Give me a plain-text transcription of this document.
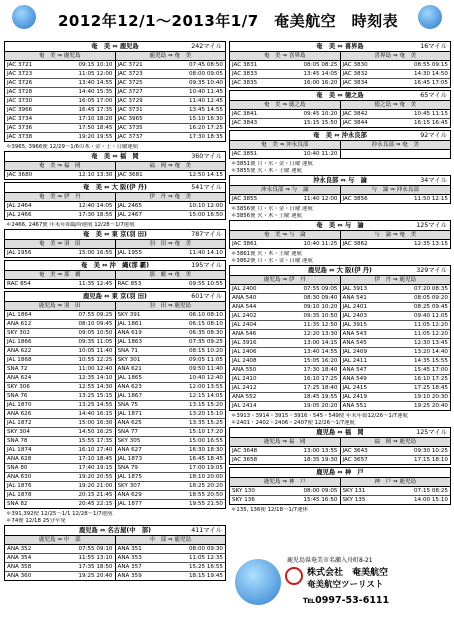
2012年12/1～2013年1/7　奄美航空　時刻表
奄　美 ⇔ 鹿児島	242マイル
奄　美 ⇒ 鹿児島	鹿児島 ⇒ 奄　美
JAC 3721	09:15 10:10 JAC 3721	07:45 08:50
JAC 3723	11:05 12:00 JAC 3723	08:00 09:05
JAC 3726	13:40 14:55 JAC 3725	09:35 10:40
JAC 3728	14:40 15:35 JAC 3727	10:40 11:45
JAC 3730	16:05 17:00 JAC 3729	11:40 12:45
JAC 3966	16:45 17:35 JAC 3731	13:45 14:55
JAC 3734	17:10 18:20 JAC 3965	15:10 16:30
JAC 3736	17:50 18:45 JAC 3735	16:20 17:25
JAC 3738	19:20 19:55 JAC 3737	17:30 18:35
＊3965, 3966便 12/29～1/6の木・金・土・日曜運航
奄　美 ⇔ 福　岡	360マイル
奄　美 ⇒ 福　岡	福　岡 ⇒ 奄　美
JAC 3680	12:10 13:30 JAC 3681	12:50 14:15
奄　美 ⇔ 大 阪(伊 丹)	541マイル
奄　美 ⇒ 伊　丹	伊　丹 ⇒ 奄　美
JAL 2464	12:40 14:05 JAL 2465	10:10 12:00
JAL 2466	17:30 18:55 JAL 2467	15:00 16:50
＊2466, 2467便 年末年始臨時運航 12/28～1/7運航
奄　美 ⇔ 東 京(羽 田)	787マイル
奄　美 ⇒ 羽　田	羽　田 ⇒ 奄　美
JAL 1956	15:00 16:55 JAL 1955	11:40 14:10
奄　美 ⇔ 沖　縄(那 覇)	195マイル
奄　美 ⇒ 那　覇	那　覇 ⇒ 奄　美
RAC 854	11:35 12:45 RAC 853	09:55 10:55
鹿児島 ⇔ 東 京(羽 田)	601マイル
鹿児島 ⇒ 羽　田	羽　田 ⇒ 鹿児島
JAL 1864	07:55 09:25 SKY 391	06:10 08:10
ANA 612	08:10 09:45 JAL 1861	06:15 08:10
SKY 302	09:05 10:50 ANA 619	06:35 08:30
JAL 1866	09:35 11:05 JAL 1863	07:35 09:25
ANA 622	10:05 11:40 SNA 71	08:15 10:20
JAL 1868	10:55 12:25 SKY 301	09:05 11:05
SNA 72	11:00 12:40 ANA 621	09:50 11:40
ANA 624	12:35 14:10 JAL 1865	10:40 12:40
SKY 306	12:55 14:30 ANA 623	12:00 13:55
SNA 76	13:25 15:15 JAL 1867	12:15 14:05
JAL 1870	13:25 14:55 SNA 75	13:15 15:20
ANA 626	14:40 16:15 JAL 1871	13:20 15:10
JAL 1872	15:00 16:30 ANA 625	13:35 15:25
SKY 304	14:50 16:25 SNA 77	15:10 17:20
SNA 78	15:55 17:35 SKY 305	15:00 16:55
JAL 1874	16:10 17:40 ANA 627	16:30 18:30
ANA 628	17:10 18:45 JAL 1873	16:45 18:45
SNA 80	17:40 19:15 SNA 79	17:00 19:05
ANA 630	19:20 20:55 JAL 1875	18:10 20:00
JAL 1876	19:20 21:00 SKY 307	18:25 20:20
JAL 1878	20:15 21:45 ANA 629	18:55 20:50
SNA 82	20:45 22:15 JAL 1877	19:55 21:50
＊391,392便 12/25～1/1 12/28～1/7運航
＊74便 12/18 25分早発
鹿児島 ⇔ 名古屋(中　部)	411マイル
鹿児島 ⇒ 中　部	中　部 ⇒ 鹿児島
ANA 352	07:55 09:10 ANA 351	08:00 09:30
ANA 354	11:55 13:10 ANA 353	11:05 12:35
ANA 358	17:35 18:50 ANA 357	15:25 16:55
ANA 360	19:25 20:40 ANA 359	18:15 19:45
奄　美 ⇔ 喜界島	16マイル
奄　美 ⇒ 喜界島	喜界島 ⇒ 奄　美
JAC 3831	08:05 08:25 JAC 3830	08:55 09:15
JAC 3833	13:45 14:05 JAC 3832	14:30 14:50
JAC 3835	16:00 16:20 JAC 3834	16:45 17:05
奄　美 ⇔ 徳之島	65マイル
奄　美 ⇒ 徳之島	徳之島 ⇒ 奄　美
JAC 3841	09:45 10:20 JAC 3842	10:45 11:15
JAC 3843	15:15 15:50 JAC 3844	16:15 16:45
奄　美 ⇔ 沖永良部	92マイル
奄　美 ⇒ 沖永良部	沖永良部 ⇒ 奄　美
JAC 3851	10:40 11:20
＊3851便 月・水・金・日曜 運航
＊3855便 火・木・土曜 運航
沖永良部 ⇔ 与　論	34マイル
沖永良部 ⇒ 与　論	与　論 ⇒ 沖永良部
JAC 3855	11:40 12:00 JAC 3856	11:50 12:15
＊3856便 月・水・金・日曜 運航
＊3856便 火・木・土曜 運航
奄　美 ⇔ 与　論	125マイル
奄　美 ⇒ 与　論	与　論 ⇒ 奄　美
JAC 3861	10:40 11:25 JAC 3862	12:35 13:15
＊3861便 火・木・土曜 運航
＊3862便 月・水・金・日曜 運航
鹿児島 ⇔ 大 阪(伊 丹)	329マイル
鹿児島 ⇒ 伊　丹	伊　丹 ⇒ 鹿児島
JAL 2400	07:55 09:05 JAL 3913	07:20 08:35
ANA 540	08:30 09:40 ANA 541	08:05 09:20
ANA 544	09:10 10:20 JAL 2401	08:25 09:45
JAL 2402	09:35 10:50 JAL 2403	09:40 11:05
JAL 2404	11:35 12:50 JAL 3915	11:05 12:20
ANA 546	12:20 13:30 ANA 543	11:05 12:20
JAL 3916	13:00 14:15 ANA 545	12:30 13:45
JAL 2406	13:40 14:55 JAL 2409	13:20 14:40
JAL 2408	15:05 16:20 JAL 2411	14:35 15:55
ANA 550	17:30 18:40 ANA 547	15:45 17:00
JAL 2410	16:10 17:25 ANA 549	16:10 17:25
JAL 2412	17:25 18:40 JAL 2415	17:25 18:45
ANA 552	18:45 19:55 JAL 2419	19:10 20:30
JAL 2414	19:05 20:20 ANA 551	19:25 20:40
＊3913・3914・3915・3916・545・549便 年末年始12/26～1/7運航
＊2401・2402・2406・2407便 12/26～1/7運航
鹿児島 ⇔ 福　岡	125マイル
鹿児島 ⇒ 福　岡	福　岡 ⇒ 鹿児島
JAC 3648	13:00 13:55 JAC 3643	09:30 10:25
JAC 3658	18:35 19:30 JAC 3657	17:15 18:10
鹿児島 ⇔ 神　戸
鹿児島 ⇒ 神　戸	神　戸 ⇒ 鹿児島
SKY 130	08:00 09:05 SKY 131	07:15 08:25
SKY 136	15:45 16:50 SKY 135	14:00 15:10
＊135, 136便 12/18～1/7運休
鹿児島県奄美市名瀬入舟町8-21
株式会社　奄美航空
奄美航空ツーリスト
℡0997-53-6111
